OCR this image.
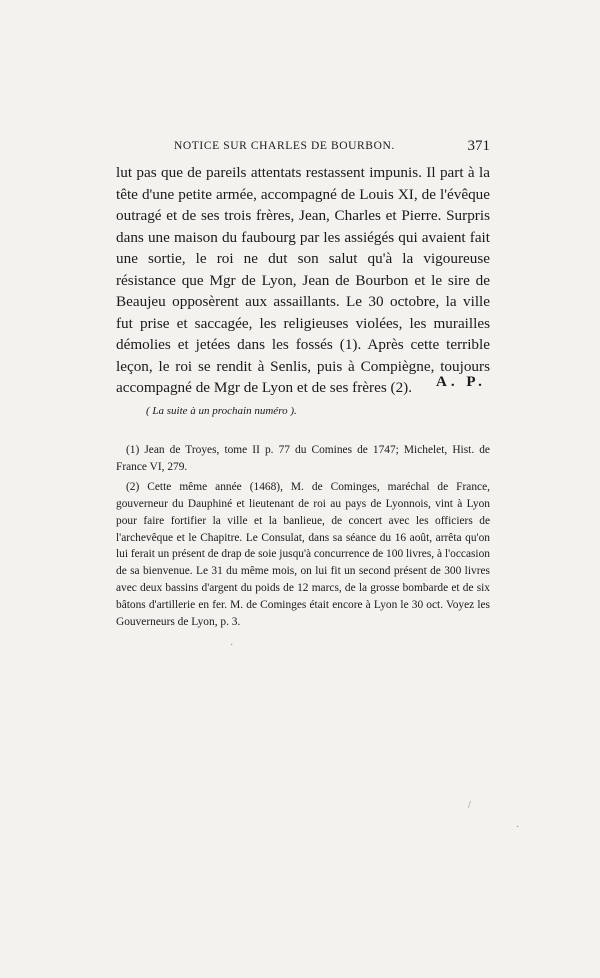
NOTICE SUR CHARLES DE BOURBON.	371

lut pas que de pareils attentats restassent impunis. Il part à la tête d'une petite armée, accompagné de Louis XI, de l'évêque outragé et de ses trois frères, Jean, Charles et Pierre. Surpris dans une maison du faubourg par les assiégés qui avaient fait une sortie, le roi ne dut son salut qu'à la vigoureuse résistance que Mgr de Lyon, Jean de Bourbon et le sire de Beaujeu opposèrent aux assaillants. Le 30 octobre, la ville fut prise et saccagée, les religieuses violées, les murailles démolies et jetées dans les fossés (1). Après cette terrible leçon, le roi se rendit à Senlis, puis à Compiègne, toujours accompagné de Mgr de Lyon et de ses frères (2).	A. P.
( La suite à un prochain numéro ).

(1) Jean de Troyes, tome II p. 77 du Comines de 1747; Michelet, Hist. de France VI, 279.

(2) Cette même année (1468), M. de Cominges, maréchal de France, gouverneur du Dauphiné et lieutenant de roi au pays de Lyonnois, vint à Lyon pour faire fortifier la ville et la banlieue, de concert avec les officiers de l'archevêque et le Chapitre. Le Consulat, dans sa séance du 16 août, arrêta qu'on lui ferait un présent de drap de soie jusqu'à concurrence de 100 livres, à l'occasion de sa bienvenue. Le 31 du même mois, on lui fit un second présent de 300 livres avec deux bassins d'argent du poids de 12 marcs, de la grosse bombarde et de six bâtons d'artillerie en fer. M. de Cominges était encore à Lyon le 30 oct. Voyez les Gouverneurs de Lyon, p. 3.

·
/
·
